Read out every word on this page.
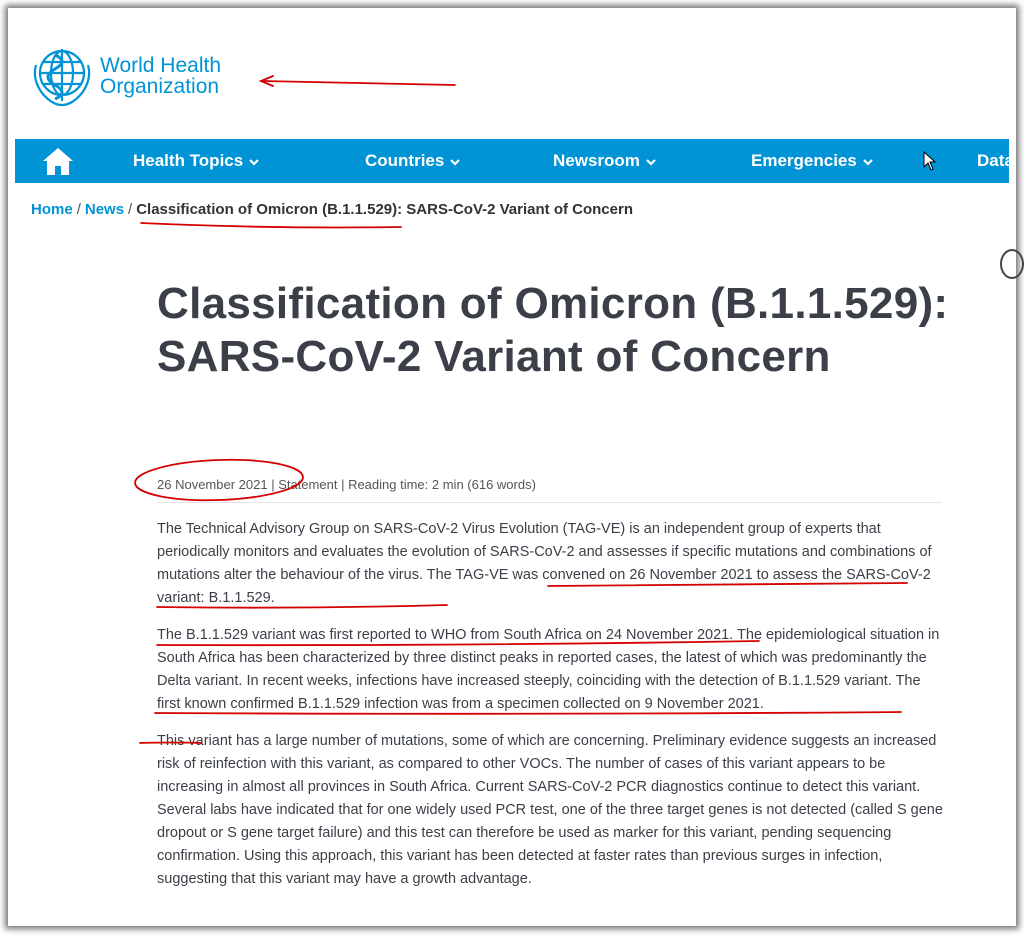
World Health
Organization
Health Topics	Countries	Newsroom	Emergencies	Data
Home / News / Classification of Omicron (B.1.1.529): SARS-CoV-2 Variant of Concern
Classification of Omicron (B.1.1.529): SARS-CoV-2 Variant of Concern
26 November 2021 | Statement | Reading time: 2 min (616 words)

The Technical Advisory Group on SARS-CoV-2 Virus Evolution (TAG-VE) is an independent group of experts that periodically monitors and evaluates the evolution of SARS-CoV-2 and assesses if specific mutations and combinations of mutations alter the behaviour of the virus. The TAG-VE was convened on 26 November 2021 to assess the SARS-CoV-2 variant: B.1.1.529.

The B.1.1.529 variant was first reported to WHO from South Africa on 24 November 2021. The epidemiological situation in South Africa has been characterized by three distinct peaks in reported cases, the latest of which was predominantly the Delta variant. In recent weeks, infections have increased steeply, coinciding with the detection of B.1.1.529 variant. The first known confirmed B.1.1.529 infection was from a specimen collected on 9 November 2021.

This variant has a large number of mutations, some of which are concerning. Preliminary evidence suggests an increased risk of reinfection with this variant, as compared to other VOCs. The number of cases of this variant appears to be increasing in almost all provinces in South Africa. Current SARS-CoV-2 PCR diagnostics continue to detect this variant. Several labs have indicated that for one widely used PCR test, one of the three target genes is not detected (called S gene dropout or S gene target failure) and this test can therefore be used as marker for this variant, pending sequencing confirmation. Using this approach, this variant has been detected at faster rates than previous surges in infection, suggesting that this variant may have a growth advantage.
